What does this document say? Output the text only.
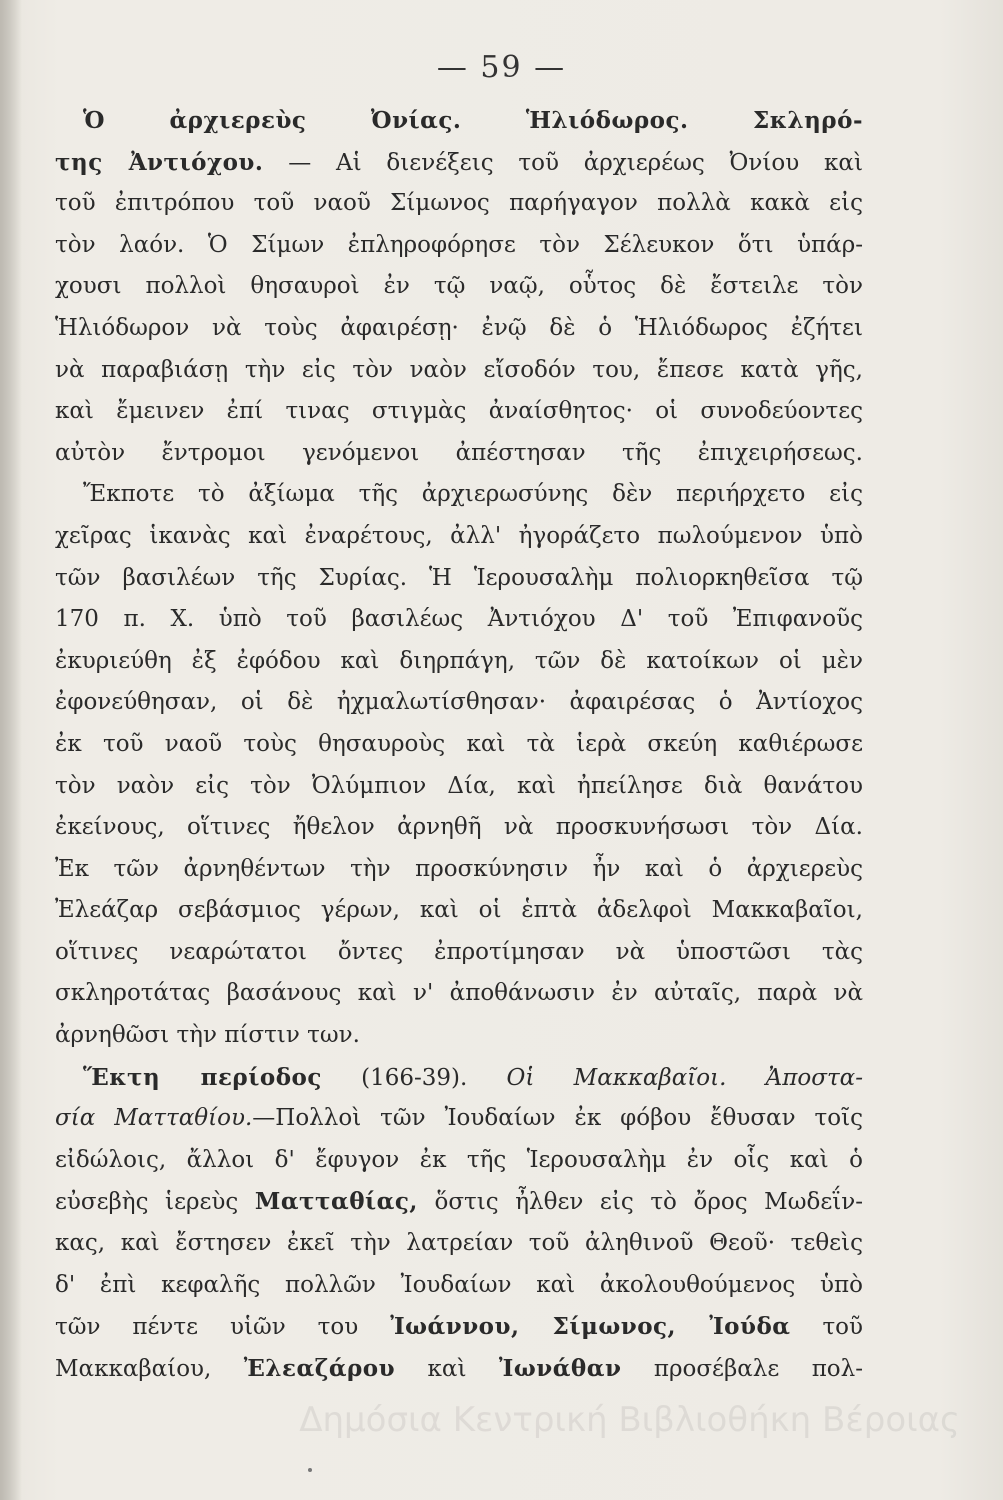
— 59 —
Ὁ ἀρχιερεὺς Ὀνίας. Ἡλιόδωρος. Σκληρό-
της Ἀντιόχου. — Αἱ διενέξεις τοῦ ἀρχιερέως Ὀνίου καὶ
τοῦ ἐπιτρόπου τοῦ ναοῦ Σίμωνος παρήγαγον πολλὰ κακὰ εἰς
τὸν λαόν. Ὁ Σίμων ἐπληροφόρησε τὸν Σέλευκον ὅτι ὑπάρ-
χουσι πολλοὶ θησαυροὶ ἐν τῷ ναῷ, οὗτος δὲ ἔστειλε τὸν
Ἡλιόδωρον νὰ τοὺς ἀφαιρέσῃ· ἐνῷ δὲ ὁ Ἡλιόδωρος ἐζήτει
νὰ παραβιάσῃ τὴν εἰς τὸν ναὸν εἴσοδόν του, ἔπεσε κατὰ γῆς,
καὶ ἔμεινεν ἐπί τινας στιγμὰς ἀναίσθητος· οἱ συνοδεύοντες
αὐτὸν ἔντρομοι γενόμενοι ἀπέστησαν τῆς ἐπιχειρήσεως.
Ἔκποτε τὸ ἀξίωμα τῆς ἀρχιερωσύνης δὲν περιήρχετο εἰς
χεῖρας ἱκανὰς καὶ ἐναρέτους, ἀλλ' ἠγοράζετο πωλούμενον ὑπὸ
τῶν βασιλέων τῆς Συρίας. Ἡ Ἱερουσαλὴμ πολιορκηθεῖσα τῷ
170 π. Χ. ὑπὸ τοῦ βασιλέως Ἀντιόχου Δ' τοῦ Ἐπιφανοῦς
ἐκυριεύθη ἐξ ἐφόδου καὶ διηρπάγη, τῶν δὲ κατοίκων οἱ μὲν
ἐφονεύθησαν, οἱ δὲ ἠχμαλωτίσθησαν· ἀφαιρέσας ὁ Ἀντίοχος
ἐκ τοῦ ναοῦ τοὺς θησαυροὺς καὶ τὰ ἱερὰ σκεύη καθιέρωσε
τὸν ναὸν εἰς τὸν Ὀλύμπιον Δία, καὶ ἠπείλησε διὰ θανάτου
ἐκείνους, οἵτινες ἤθελον ἀρνηθῆ νὰ προσκυνήσωσι τὸν Δία.
Ἐκ τῶν ἀρνηθέντων τὴν προσκύνησιν ἦν καὶ ὁ ἀρχιερεὺς
Ἐλεάζαρ σεβάσμιος γέρων, καὶ οἱ ἑπτὰ ἀδελφοὶ Μακκαβαῖοι,
οἵτινες νεαρώτατοι ὄντες ἐπροτίμησαν νὰ ὑποστῶσι τὰς
σκληροτάτας βασάνους καὶ ν' ἀποθάνωσιν ἐν αὐταῖς, παρὰ νὰ
ἀρνηθῶσι τὴν πίστιν των.
Ἕκτη περίοδος (166-39). Οἱ Μακκαβαῖοι. Ἀποστα-
σία Ματταθίου.—Πολλοὶ τῶν Ἰουδαίων ἐκ φόβου ἔθυσαν τοῖς
εἰδώλοις, ἄλλοι δ' ἔφυγον ἐκ τῆς Ἱερουσαλὴμ ἐν οἷς καὶ ὁ
εὐσεβὴς ἱερεὺς Ματταθίας, ὅστις ἦλθεν εἰς τὸ ὄρος Μωδεΐν-
κας, καὶ ἔστησεν ἐκεῖ τὴν λατρείαν τοῦ ἀληθινοῦ Θεοῦ· τεθεὶς
δ' ἐπὶ κεφαλῆς πολλῶν Ἰουδαίων καὶ ἀκολουθούμενος ὑπὸ
τῶν πέντε υἱῶν του Ἰωάννου, Σίμωνος, Ἰούδα τοῦ
Μακκαβαίου, Ἐλεαζάρου καὶ Ἰωνάθαν προσέβαλε πολ-
Δημόσια Κεντρική Βιβλιοθήκη Βέροιας
